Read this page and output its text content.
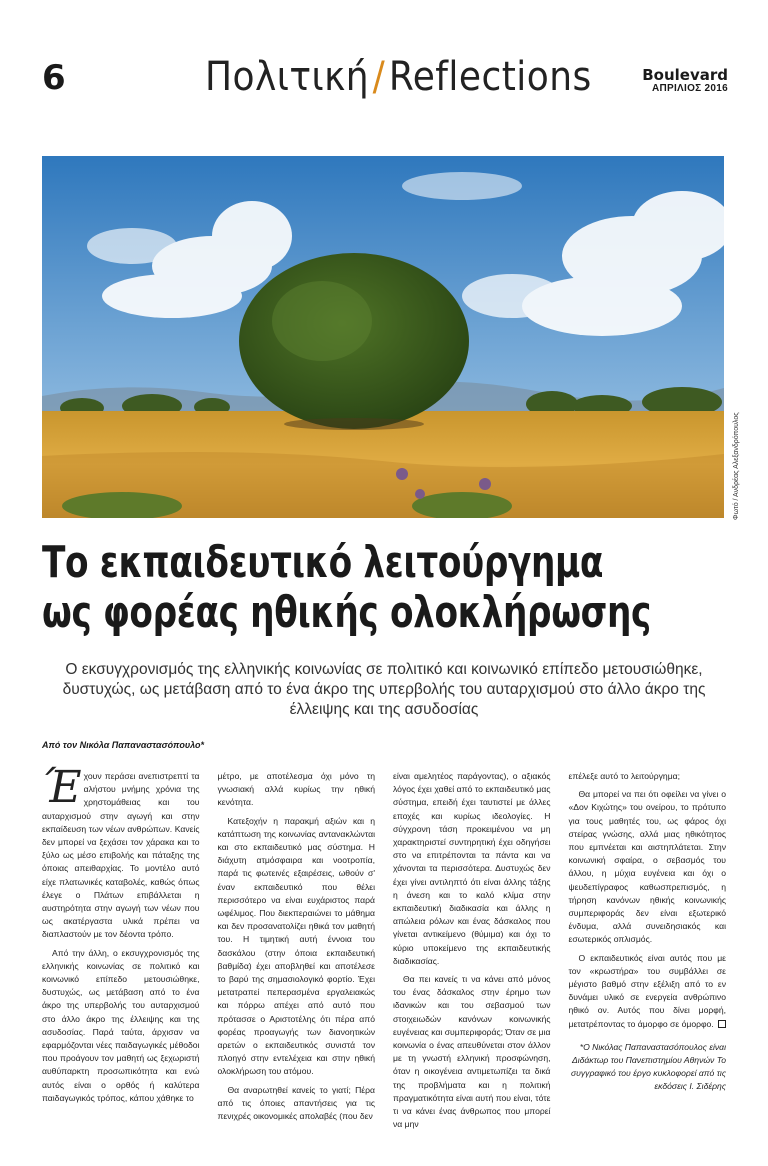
6	Πολιτική/Reflections	Boulevard
ΑΠΡΙΛΙΟΣ 2016
Φωτό / Ανδρέας Αλεξανδρόπουλος
Το εκπαιδευτικό λειτούργημα
ως φορέας ηθικής ολοκλήρωσης
Ο εκσυγχρονισμός της ελληνικής κοινωνίας σε πολιτικό και κοινωνικό επίπεδο μετουσιώθηκε, δυστυχώς, ως μετάβαση από το ένα άκρο της υπερβολής του αυταρχισμού στο άλλο άκρο της έλλειψης και της ασυδοσίας
Από τον Νικόλα Παπαναστασόπουλο*

Έχουν περάσει ανεπιστρεπτί τα αλήστου μνήμης χρόνια της χρηστομάθειας και του αυταρχισμού στην αγωγή και στην εκπαίδευση των νέων ανθρώπων. Κανείς δεν μπορεί να ξεχάσει τον χάρακα και το ξύλο ως μέσο επιβολής και πάταξης της όποιας απειθαρχίας. Το μοντέλο αυτό είχε πλατωνικές καταβολές, καθώς όπως έλεγε ο Πλάτων επιβάλλεται η αυστηρότητα στην αγωγή των νέων που ως ακατέργαστα υλικά πρέπει να διαπλαστούν με τον δέοντα τρόπο.

Από την άλλη, ο εκσυγχρονισμός της ελληνικής κοινωνίας σε πολιτικό και κοινωνικό επίπεδο μετουσιώθηκε, δυστυχώς, ως μετάβαση από το ένα άκρο της υπερβολής του αυταρχισμού στο άλλο άκρο της έλλειψης και της ασυδοσίας. Παρά ταύτα, άρχισαν να εφαρμόζονται νέες παιδαγωγικές μέθοδοι που προάγουν τον μαθητή ως ξεχωριστή αυθύπαρκτη προσωπικότητα και ενώ αυτός είναι ο ορθός ή καλύτερα παιδαγωγικός τρόπος, κάπου χάθηκε το

μέτρο, με αποτέλεσμα όχι μόνο τη γνωσιακή αλλά κυρίως την ηθική κενότητα.

Κατεξοχήν η παρακμή αξιών και η κατάπτωση της κοινωνίας αντανακλώνται και στο εκπαιδευτικό μας σύστημα. Η διάχυτη ατμόσφαιρα και νοοτροπία, παρά τις φωτεινές εξαιρέσεις, ωθούν σ' έναν εκπαιδευτικό που θέλει περισσότερο να είναι ευχάριστος παρά ωφέλιμος. Που διεκπεραιώνει το μάθημα και δεν προσανατολίζει ηθικά τον μαθητή του. Η τιμητική αυτή έννοια του δασκάλου (στην όποια εκπαιδευτική βαθμίδα) έχει αποβληθεί και αποτέλεσε το βαρύ της σημασιολογικό φορτίο. Έχει μετατραπεί πεπερασμένα εργαλειακώς και πόρρω απέχει από αυτό που πρότασσε ο Αριστοτέλης ότι πέρα από φορέας προαγωγής των διανοητικών αρετών ο εκπαιδευτικός συνιστά τον πλοηγό στην εντελέχεια και στην ηθική ολοκλήρωση του ατόμου.

Θα αναρωτηθεί κανείς το γιατί; Πέρα από τις όποιες απαντήσεις για τις πενιχρές οικονομικές απολαβές (που δεν

είναι αμελητέος παράγοντας), ο αξιακός λόγος έχει χαθεί από το εκπαιδευτικό μας σύστημα, επειδή έχει ταυτιστεί με άλλες εποχές και κυρίως ιδεολογίες. Η σύγχρονη τάση προκειμένου να μη χαρακτηριστεί συντηρητική έχει οδηγήσει στο να επιτρέπονται τα πάντα και να χάνονται τα περισσότερα. Δυστυχώς δεν έχει γίνει αντιληπτό ότι είναι άλλης τάξης η άνεση και το καλό κλίμα στην εκπαιδευτική διαδικασία και άλλης η απώλεια ρόλων και ένας δάσκαλος που γίνεται αντικείμενο (θύμιμα) και όχι το κύριο υποκείμενο της εκπαιδευτικής διαδικασίας.

Θα πει κανείς τι να κάνει από μόνος του ένας δάσκαλος στην έρημο των ιδανικών και του σεβασμού των στοιχειωδών κανόνων κοινωνικής ευγένειας και συμπεριφοράς; Όταν σε μια κοινωνία ο ένας απευθύνεται στον άλλον με τη γνωστή ελληνική προσφώνηση, όταν η οικογένεια αντιμετωπίζει τα δικά της προβλήματα και η πολιτική πραγματικότητα είναι αυτή που είναι, τότε τι να κάνει ένας άνθρωπος που μπορεί να μην

επέλεξε αυτό το λειτούργημα;

Θα μπορεί να πει ότι οφείλει να γίνει ο «Δον Κιχώτης» του ονείρου, το πρότυπο για τους μαθητές του, ως φάρος όχι στείρας γνώσης, αλλά μιας ηθικότητος που εμπνέεται και αιστηπλάτεται. Στην κοινωνική σφαίρα, ο σεβασμός του άλλου, η μύχια ευγένεια και όχι ο ψευδεπίγραφος καθωσπρεπισμός, η τήρηση κανόνων ηθικής κοινωνικής συμπεριφοράς δεν είναι εξωτερικό ένδυμα, αλλά συνειδησιακός και εσωτερικός οπλισμός.

Ο εκπαιδευτικός είναι αυτός που με τον «κρωστήρα» του συμβάλλει σε μέγιστο βαθμό στην εξέλιξη από το εν δυνάμει υλικό σε ενεργεία ανθρώπινο ηθικό ον. Αυτός που δίνει μορφή, μετατρέποντας το άμορφο σε όμορφο.

*Ο Νικόλας Παπαναστασόπουλος είναι Διδάκτωρ του Πανεπιστημίου Αθηνών Το συγγραφικό του έργο κυκλοφορεί από τις εκδόσεις Ι. Σιδέρης
